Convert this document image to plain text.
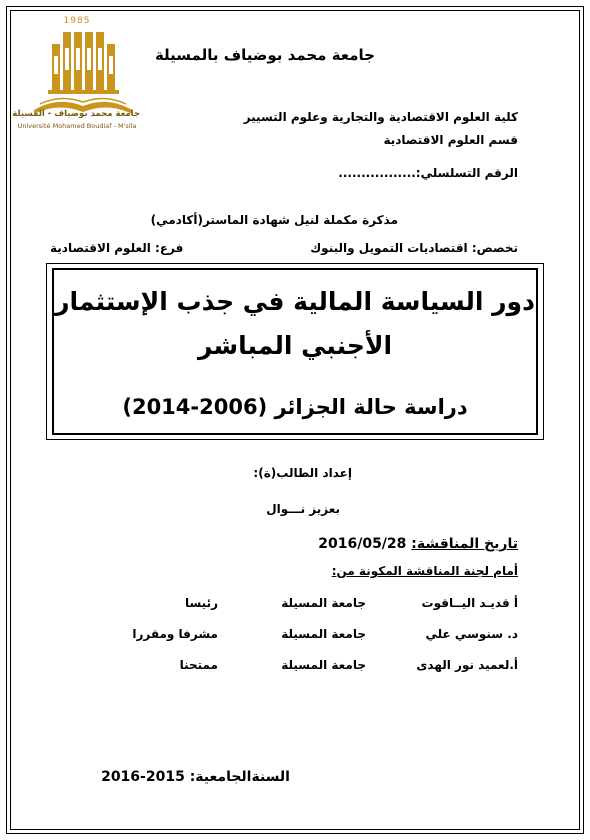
1985
جامعة محمد بوضياف - المسيلة
Université Mohamed Boudiaf - M'sila
جامعة محمد بوضياف بالمسيلة
كلية العلوم الاقتصادية والتجارية وعلوم التسيير
قسم العلوم الاقتصادية
الرقم التسلسلي:.................
مذكرة مكملة لنيل شهادة الماستر(أكادمي)
تخصص: اقتصاديات التمويل والبنوك
فرع: العلوم الاقتصادية
دور السياسة المالية في جذب الإستثمار
الأجنبي المباشر
دراسة حالة الجزائر (2006-2014)
إعداد الطالب(ة):
بعزيز نـــوال
تاريخ المناقشة: 2016/05/28
أمام لجنة المناقشة المكونة من:
أ قديـد اليــاقوت
جامعة المسيلة
رئيسا
د. سنوسي علي
جامعة المسيلة
مشرفا ومقررا
أ.لعميد نور الهدى
جامعة المسيلة
ممتحنا
السنةالجامعية: 2015-2016
